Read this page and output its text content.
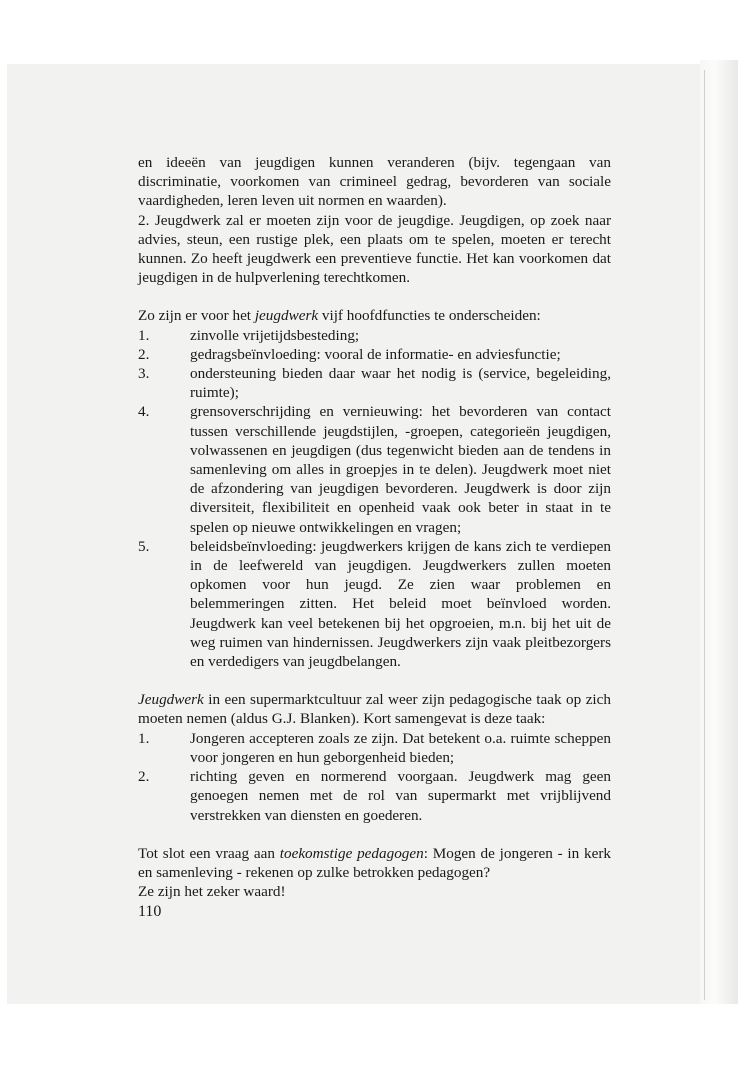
en ideeën van jeugdigen kunnen veranderen (bijv. tegengaan van discriminatie, voorkomen van crimineel gedrag, bevorderen van sociale vaardigheden, leren leven uit normen en waarden).

2. Jeugdwerk zal er moeten zijn voor de jeugdige. Jeugdigen, op zoek naar advies, steun, een rustige plek, een plaats om te spelen, moeten er terecht kunnen. Zo heeft jeugdwerk een preventieve functie. Het kan voorkomen dat jeugdigen in de hulpverlening terechtkomen.

Zo zijn er voor het jeugdwerk vijf hoofdfuncties te onderscheiden:

1.	zinvolle vrijetijdsbesteding;
2.	gedragsbeïnvloeding: vooral de informatie- en adviesfunctie;
3.	ondersteuning bieden daar waar het nodig is (service, begeleiding, ruimte);
4.	grensoverschrijding en vernieuwing: het bevorderen van contact tussen verschillende jeugdstijlen, -groepen, categorieën jeugdigen, volwassenen en jeugdigen (dus tegenwicht bieden aan de tendens in samenleving om alles in groepjes in te delen). Jeugdwerk moet niet de afzondering van jeugdigen bevorderen. Jeugdwerk is door zijn diversiteit, flexibiliteit en openheid vaak ook beter in staat in te spelen op nieuwe ontwikkelingen en vragen;
5.	beleidsbeïnvloeding: jeugdwerkers krijgen de kans zich te verdiepen in de leefwereld van jeugdigen. Jeugdwerkers zullen moeten opkomen voor hun jeugd. Ze zien waar problemen en belemmeringen zitten. Het beleid moet beïnvloed worden. Jeugdwerk kan veel betekenen bij het opgroeien, m.n. bij het uit de weg ruimen van hindernissen. Jeugdwerkers zijn vaak pleitbezorgers en verdedigers van jeugdbelangen.

Jeugdwerk in een supermarktcultuur zal weer zijn pedagogische taak op zich moeten nemen (aldus G.J. Blanken). Kort samengevat is deze taak:

1.	Jongeren accepteren zoals ze zijn. Dat betekent o.a. ruimte scheppen voor jongeren en hun geborgenheid bieden;
2.	richting geven en normerend voorgaan. Jeugdwerk mag geen genoegen nemen met de rol van supermarkt met vrijblijvend verstrekken van diensten en goederen.

Tot slot een vraag aan toekomstige pedagogen: Mogen de jongeren - in kerk en samenleving - rekenen op zulke betrokken pedagogen?

Ze zijn het zeker waard!

110
